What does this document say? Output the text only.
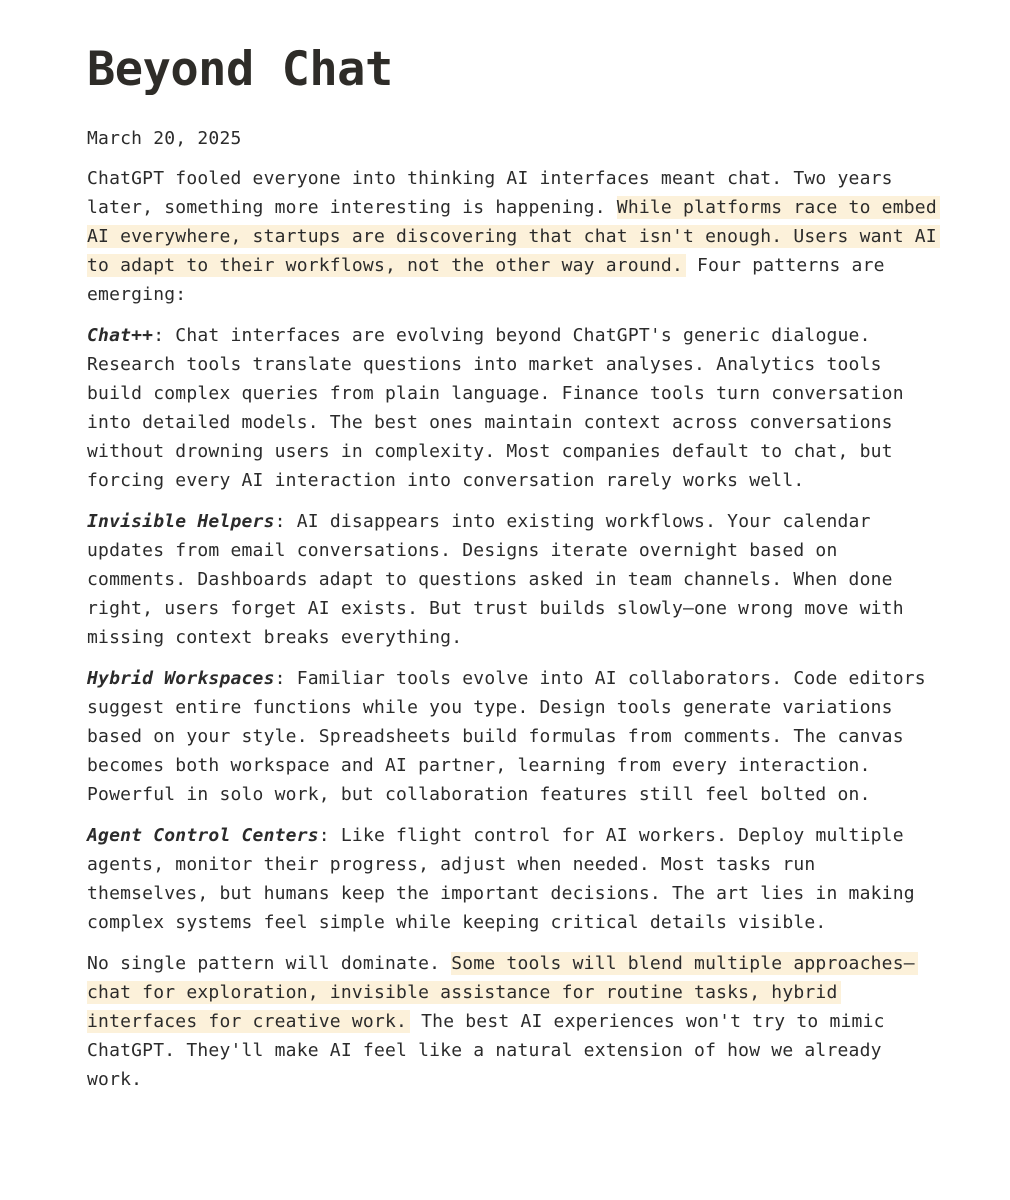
Beyond Chat

March 20, 2025

ChatGPT fooled everyone into thinking AI interfaces meant chat. Two years later, something more interesting is happening. While platforms race to embed AI everywhere, startups are discovering that chat isn't enough. Users want AI to adapt to their workflows, not the other way around. Four patterns are emerging:

Chat++: Chat interfaces are evolving beyond ChatGPT's generic dialogue. Research tools translate questions into market analyses. Analytics tools build complex queries from plain language. Finance tools turn conversation into detailed models. The best ones maintain context across conversations without drowning users in complexity. Most companies default to chat, but forcing every AI interaction into conversation rarely works well.

Invisible Helpers: AI disappears into existing workflows. Your calendar updates from email conversations. Designs iterate overnight based on comments. Dashboards adapt to questions asked in team channels. When done right, users forget AI exists. But trust builds slowly—one wrong move with missing context breaks everything.

Hybrid Workspaces: Familiar tools evolve into AI collaborators. Code editors suggest entire functions while you type. Design tools generate variations based on your style. Spreadsheets build formulas from comments. The canvas becomes both workspace and AI partner, learning from every interaction. Powerful in solo work, but collaboration features still feel bolted on.

Agent Control Centers: Like flight control for AI workers. Deploy multiple agents, monitor their progress, adjust when needed. Most tasks run themselves, but humans keep the important decisions. The art lies in making complex systems feel simple while keeping critical details visible.

No single pattern will dominate. Some tools will blend multiple approaches—chat for exploration, invisible assistance for routine tasks, hybrid interfaces for creative work. The best AI experiences won't try to mimic ChatGPT. They'll make AI feel like a natural extension of how we already work.
